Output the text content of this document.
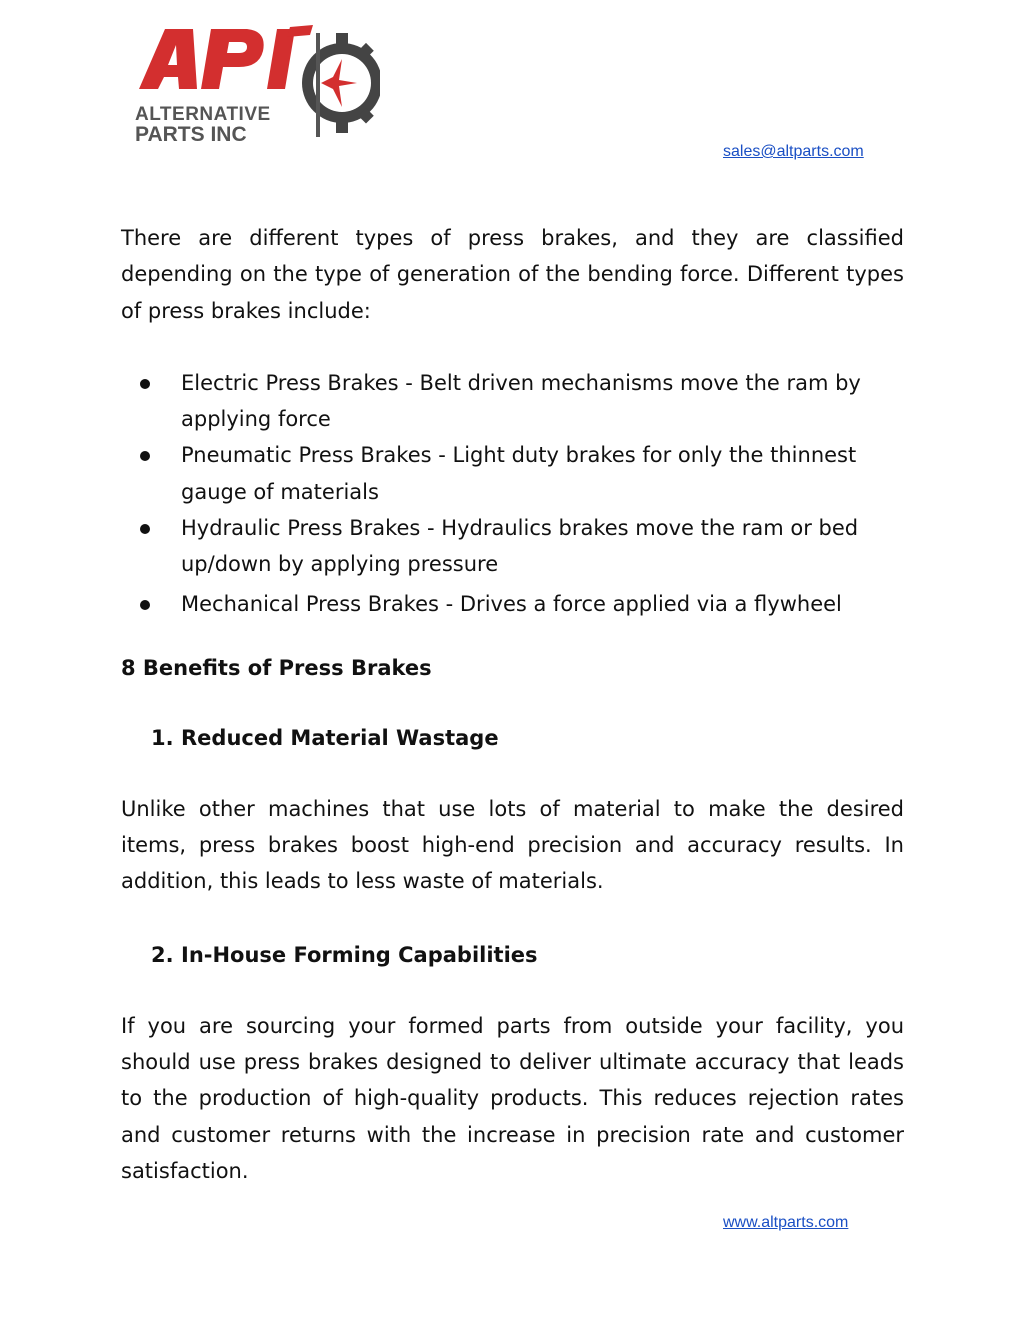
ALTERNATIVE
PARTS INC
sales@altparts.com

There are different types of press brakes, and they are classified depending on the type of generation of the bending force. Different types of press brakes include:

Electric Press Brakes - Belt driven mechanisms move the ram by applying force
Pneumatic Press Brakes - Light duty brakes for only the thinnest gauge of materials
Hydraulic Press Brakes - Hydraulics brakes move the ram or bed up/down by applying pressure
Mechanical Press Brakes - Drives a force applied via a flywheel

8 Benefits of Press Brakes

1. Reduced Material Wastage

Unlike other machines that use lots of material to make the desired items, press brakes boost high-end precision and accuracy results. In addition, this leads to less waste of materials.

2. In-House Forming Capabilities

If you are sourcing your formed parts from outside your facility, you should use press brakes designed to deliver ultimate accuracy that leads to the production of high-quality products. This reduces rejection rates and customer returns with the increase in precision rate and customer satisfaction.

www.altparts.com
